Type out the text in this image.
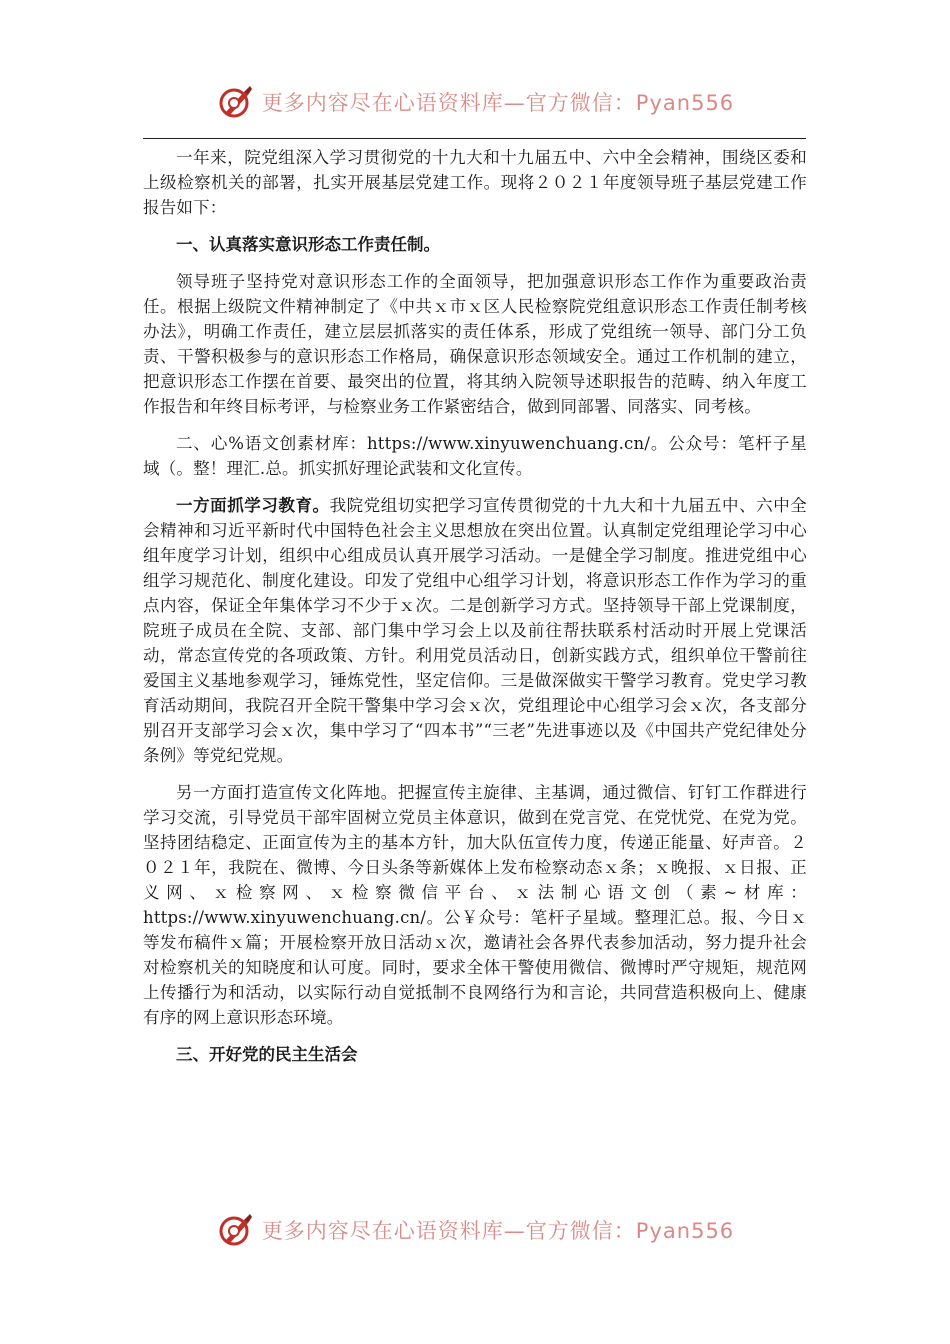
更多内容尽在心语资料库—官方微信：Pyan556

一年来，院党组深入学习贯彻党的十九大和十九届五中、六中全会精神，围绕区委和上级检察机关的部署，扎实开展基层党建工作。现将２０２１年度领导班子基层党建工作报告如下：

一、认真落实意识形态工作责任制。

领导班子坚持党对意识形态工作的全面领导，把加强意识形态工作作为重要政治责任。根据上级院文件精神制定了《中共ｘ市ｘ区人民检察院党组意识形态工作责任制考核办法》，明确工作责任，建立层层抓落实的责任体系，形成了党组统一领导、部门分工负责、干警积极参与的意识形态工作格局，确保意识形态领域安全。通过工作机制的建立，把意识形态工作摆在首要、最突出的位置，将其纳入院领导述职报告的范畴、纳入年度工作报告和年终目标考评，与检察业务工作紧密结合，做到同部署、同落实、同考核。

二、心%语文创素材库：https://www.xinyuwenchuang.cn/。公众号：笔杆子星域（。整！理汇.总。抓实抓好理论武装和文化宣传。

一方面抓学习教育。我院党组切实把学习宣传贯彻党的十九大和十九届五中、六中全会精神和习近平新时代中国特色社会主义思想放在突出位置。认真制定党组理论学习中心组年度学习计划，组织中心组成员认真开展学习活动。一是健全学习制度。推进党组中心组学习规范化、制度化建设。印发了党组中心组学习计划，将意识形态工作作为学习的重点内容，保证全年集体学习不少于ｘ次。二是创新学习方式。坚持领导干部上党课制度，院班子成员在全院、支部、部门集中学习会上以及前往帮扶联系村活动时开展上党课活动，常态宣传党的各项政策、方针。利用党员活动日，创新实践方式，组织单位干警前往爱国主义基地参观学习，锤炼党性，坚定信仰。三是做深做实干警学习教育。党史学习教育活动期间，我院召开全院干警集中学习会ｘ次，党组理论中心组学习会ｘ次，各支部分别召开支部学习会ｘ次，集中学习了“四本书”“三老”先进事迹以及《中国共产党纪律处分条例》等党纪党规。

另一方面打造宣传文化阵地。把握宣传主旋律、主基调，通过微信、钉钉工作群进行学习交流，引导党员干部牢固树立党员主体意识，做到在党言党、在党忧党、在党为党。坚持团结稳定、正面宣传为主的基本方针，加大队伍宣传力度，传递正能量、好声音。２０２１年，我院在、微博、今日头条等新媒体上发布检察动态ｘ条；ｘ晚报、ｘ日报、正义网、ｘ检察网、ｘ检察微信平台、ｘ法制心语文创（素~材库：https://www.xinyuwenchuang.cn/。公￥众号：笔杆子星域。整理汇总。报、今日ｘ等发布稿件ｘ篇；开展检察开放日活动ｘ次，邀请社会各界代表参加活动，努力提升社会对检察机关的知晓度和认可度。同时，要求全体干警使用微信、微博时严守规矩，规范网上传播行为和活动，以实际行动自觉抵制不良网络行为和言论，共同营造积极向上、健康有序的网上意识形态环境。

三、开好党的民主生活会

更多内容尽在心语资料库—官方微信：Pyan556
